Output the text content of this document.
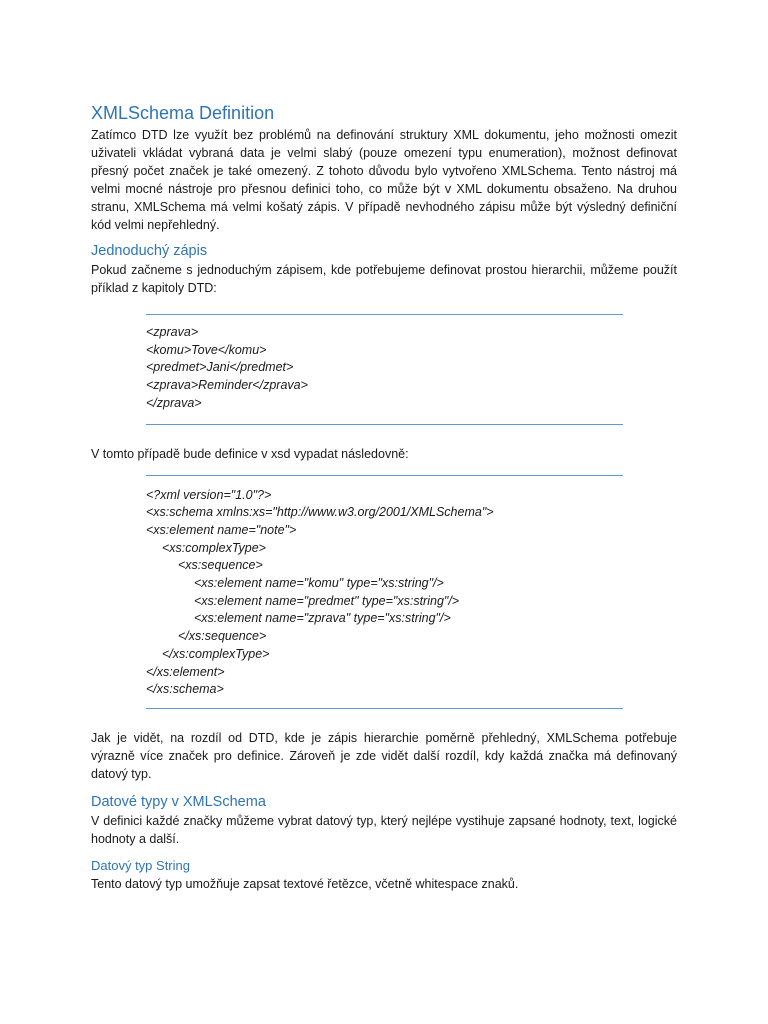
XMLSchema Definition

Zatímco DTD lze využít bez problémů na definování struktury XML dokumentu, jeho možnosti omezit uživateli vkládat vybraná data je velmi slabý (pouze omezení typu enumeration), možnost definovat přesný počet značek je také omezený. Z tohoto důvodu bylo vytvořeno XMLSchema. Tento nástroj má velmi mocné nástroje pro přesnou definici toho, co může být v XML dokumentu obsaženo. Na druhou stranu, XMLSchema má velmi košatý zápis. V případě nevhodného zápisu může být výsledný definiční kód velmi nepřehledný.

Jednoduchý zápis

Pokud začneme s jednoduchým zápisem, kde potřebujeme definovat prostou hierarchii, můžeme použít příklad z kapitoly DTD:

<zprava>
<komu>Tove</komu>
<predmet>Jani</predmet>
<zprava>Reminder</zprava>
</zprava>

V tomto případě bude definice v xsd vypadat následovně:

<?xml version="1.0"?>
<xs:schema xmlns:xs="http://www.w3.org/2001/XMLSchema">
<xs:element name="note">
<xs:complexType>
<xs:sequence>
<xs:element name="komu" type="xs:string"/>
<xs:element name="predmet" type="xs:string"/>
<xs:element name="zprava" type="xs:string"/>
</xs:sequence>
</xs:complexType>
</xs:element>
</xs:schema>

Jak je vidět, na rozdíl od DTD, kde je zápis hierarchie poměrně přehledný, XMLSchema potřebuje výrazně více značek pro definice. Zároveň je zde vidět další rozdíl, kdy každá značka má definovaný datový typ.

Datové typy v XMLSchema

V definici každé značky můžeme vybrat datový typ, který nejlépe vystihuje zapsané hodnoty, text, logické hodnoty a další.

Datový typ String

Tento datový typ umožňuje zapsat textové řetězce, včetně whitespace znaků.
